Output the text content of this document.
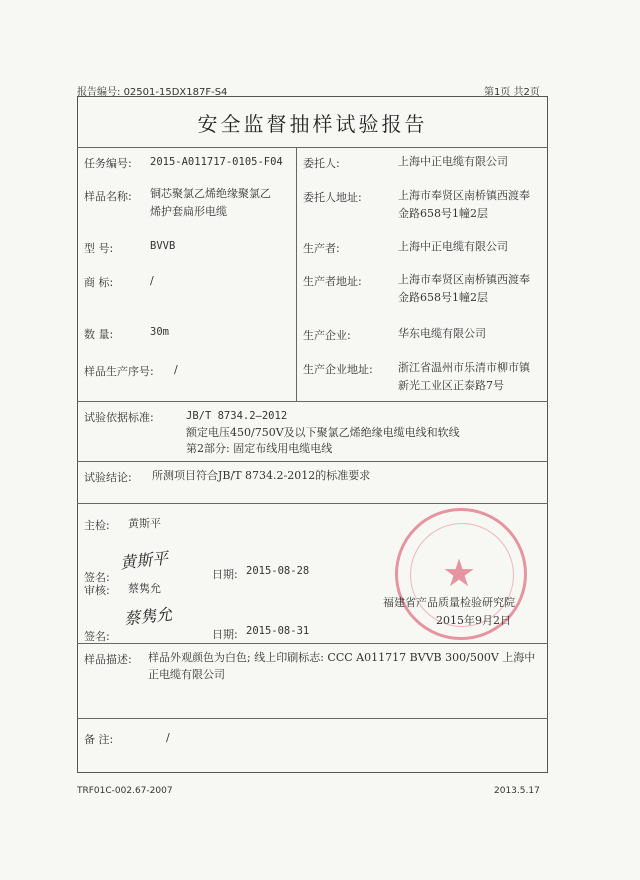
报告编号: 02501-15DX187F-S4	第1页 共2页
安全监督抽样试验报告
任务编号: 2015-A011717-0105-F04
样品名称: 铜芯聚氯乙烯绝缘聚氯乙
烯护套扁形电缆
型 号:	BVVB
商 标:	/
数 量:	30m
样品生产序号: /
委托人:	上海中正电缆有限公司
委托人地址:	上海市奉贤区南桥镇西渡奉
金路658号1幢2层
生产者:	上海中正电缆有限公司
生产者地址:	上海市奉贤区南桥镇西渡奉
金路658号1幢2层
生产企业:	华东电缆有限公司
生产企业地址: 浙江省温州市乐清市柳市镇
新光工业区正泰路7号
试验依据标准:	JB/T 8734.2—2012
额定电压450/750V及以下聚氯乙烯绝缘电缆电线和软线
第2部分: 固定布线用电缆电线
试验结论: 所测项目符合JB/T 8734.2-2012的标准要求
主检: 黄斯平
签名:
黄斯平
日期: 2015-08-28
审核: 蔡隽允
签名:
蔡隽允
日期: 2015-08-31
★
福建省产品质量检验研究院
2015年9月2日
样品描述: 样品外观颜色为白色; 线上印刷标志: CCC A011717 BVVB 300/500V 上海中
正电缆有限公司
备 注:	/
TRF01C-002.67-2007	2013.5.17
